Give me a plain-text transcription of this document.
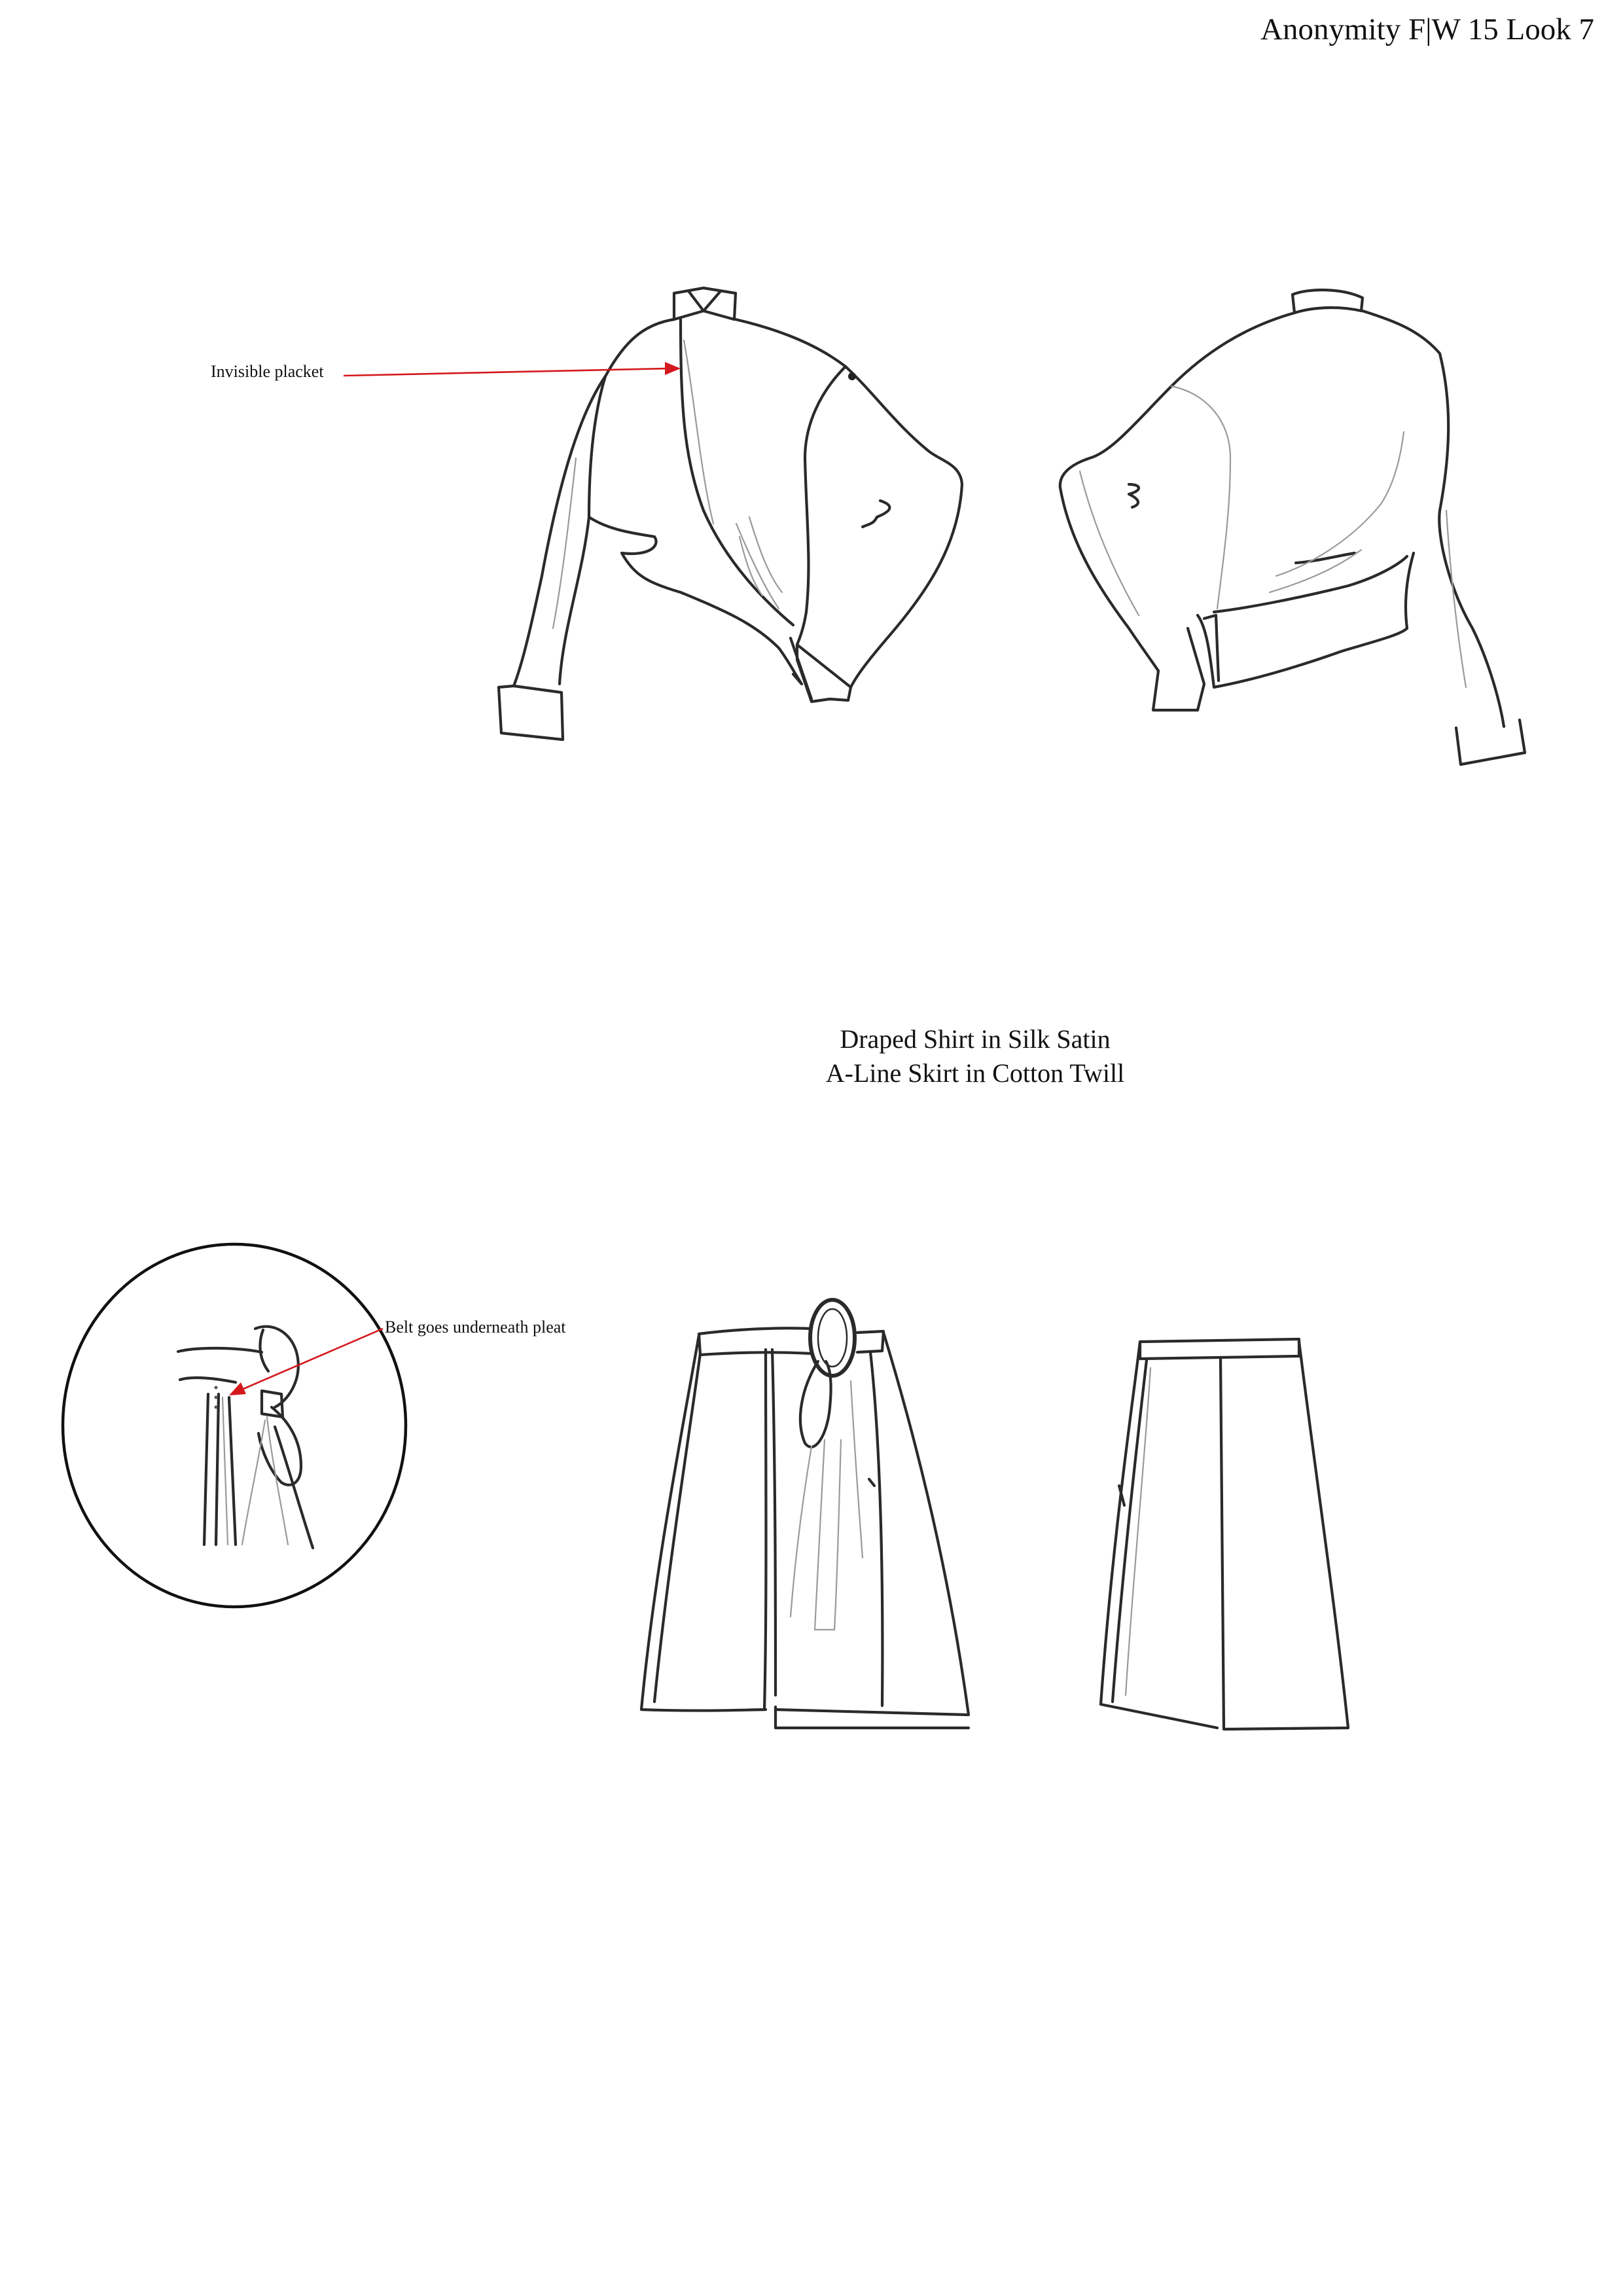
Anonymity F|W 15 Look 7
Invisible placket
Belt goes underneath pleat
Draped Shirt in Silk Satin
A-Line Skirt in Cotton Twill
